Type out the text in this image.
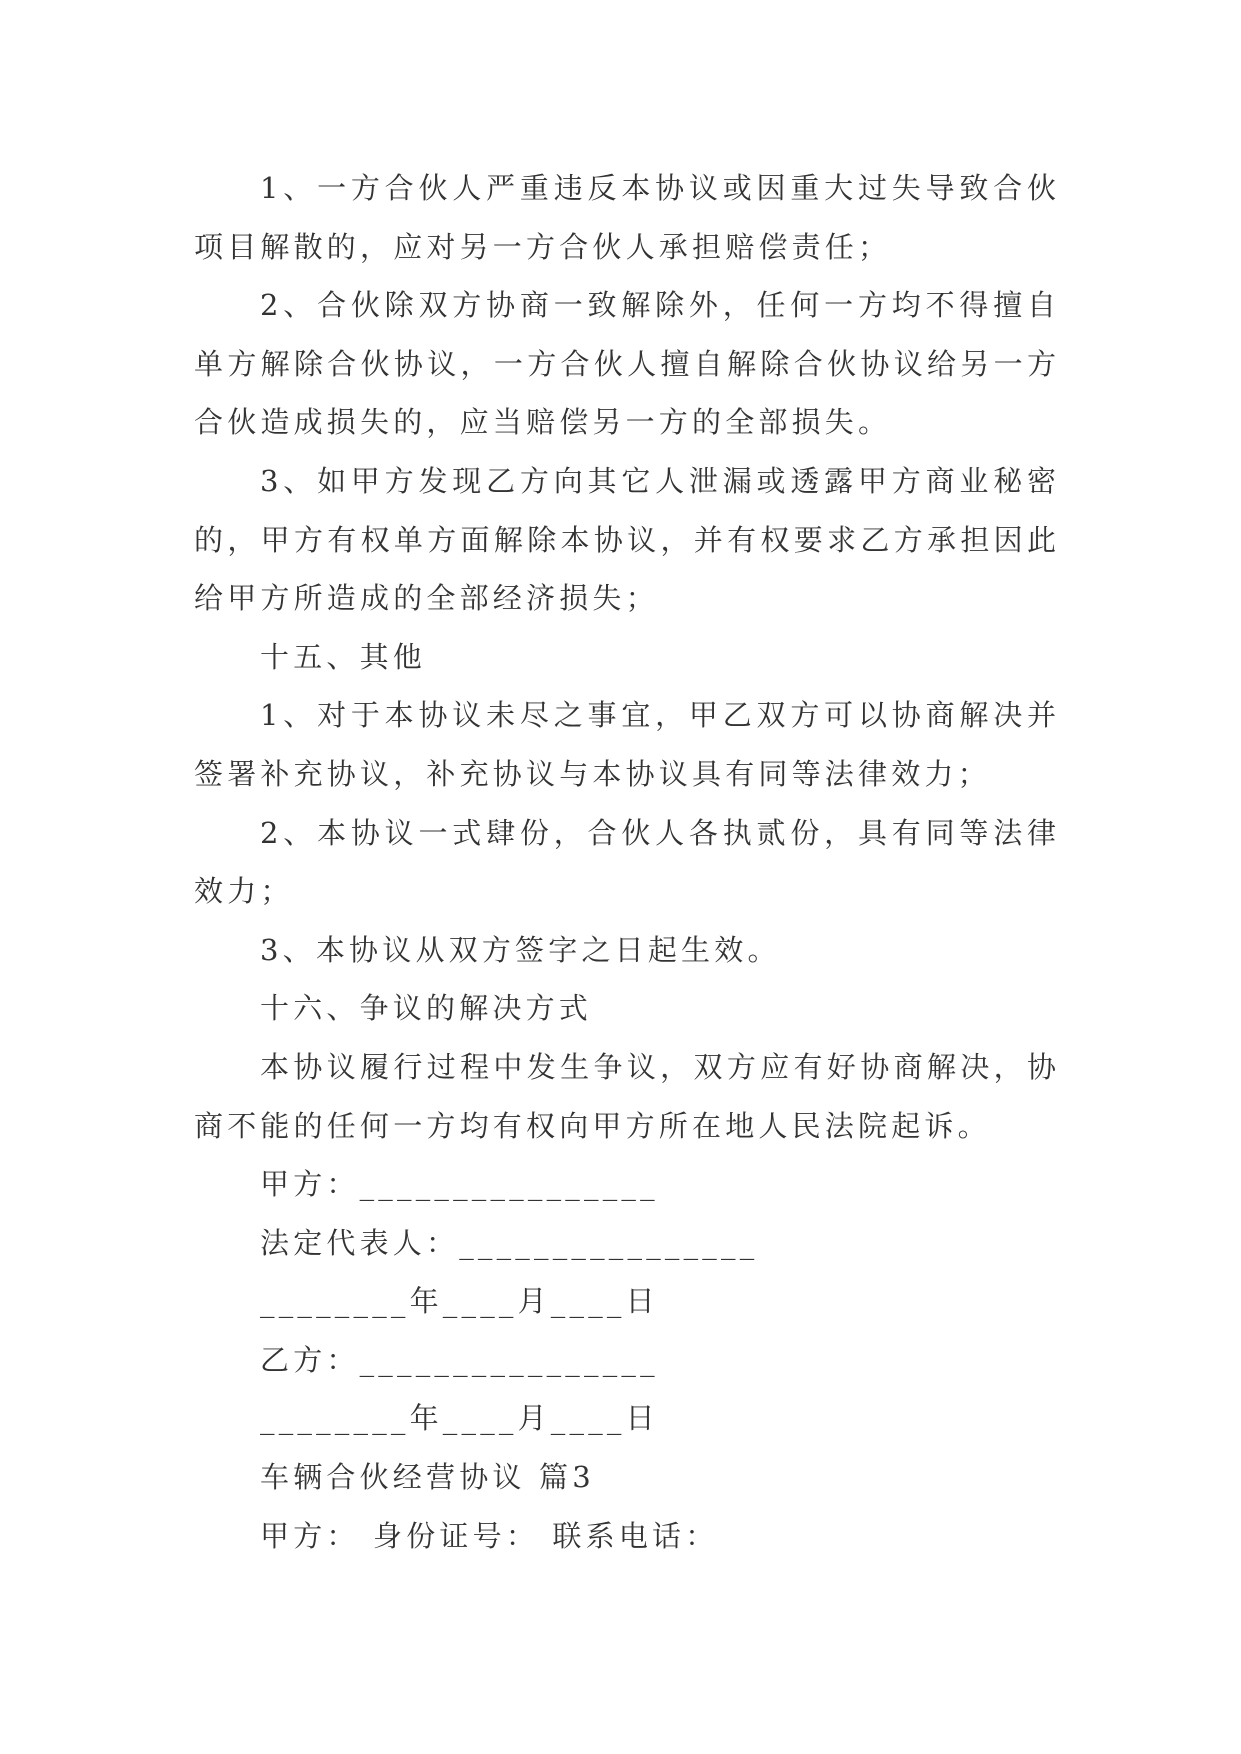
1、一方合伙人严重违反本协议或因重大过失导致合伙
项目解散的，应对另一方合伙人承担赔偿责任；
2、合伙除双方协商一致解除外，任何一方均不得擅自
单方解除合伙协议，一方合伙人擅自解除合伙协议给另一方
合伙造成损失的，应当赔偿另一方的全部损失。
3、如甲方发现乙方向其它人泄漏或透露甲方商业秘密
的，甲方有权单方面解除本协议，并有权要求乙方承担因此
给甲方所造成的全部经济损失；
十五、其他
1、对于本协议未尽之事宜，甲乙双方可以协商解决并
签署补充协议，补充协议与本协议具有同等法律效力；
2、本协议一式肆份，合伙人各执贰份，具有同等法律
效力；
3、本协议从双方签字之日起生效。
十六、争议的解决方式
本协议履行过程中发生争议，双方应有好协商解决，协
商不能的任何一方均有权向甲方所在地人民法院起诉。
甲方：________________
法定代表人：________________
________年____月____日
乙方：________________
________年____月____日
车辆合伙经营协议 篇3
甲方： 身份证号： 联系电话：
